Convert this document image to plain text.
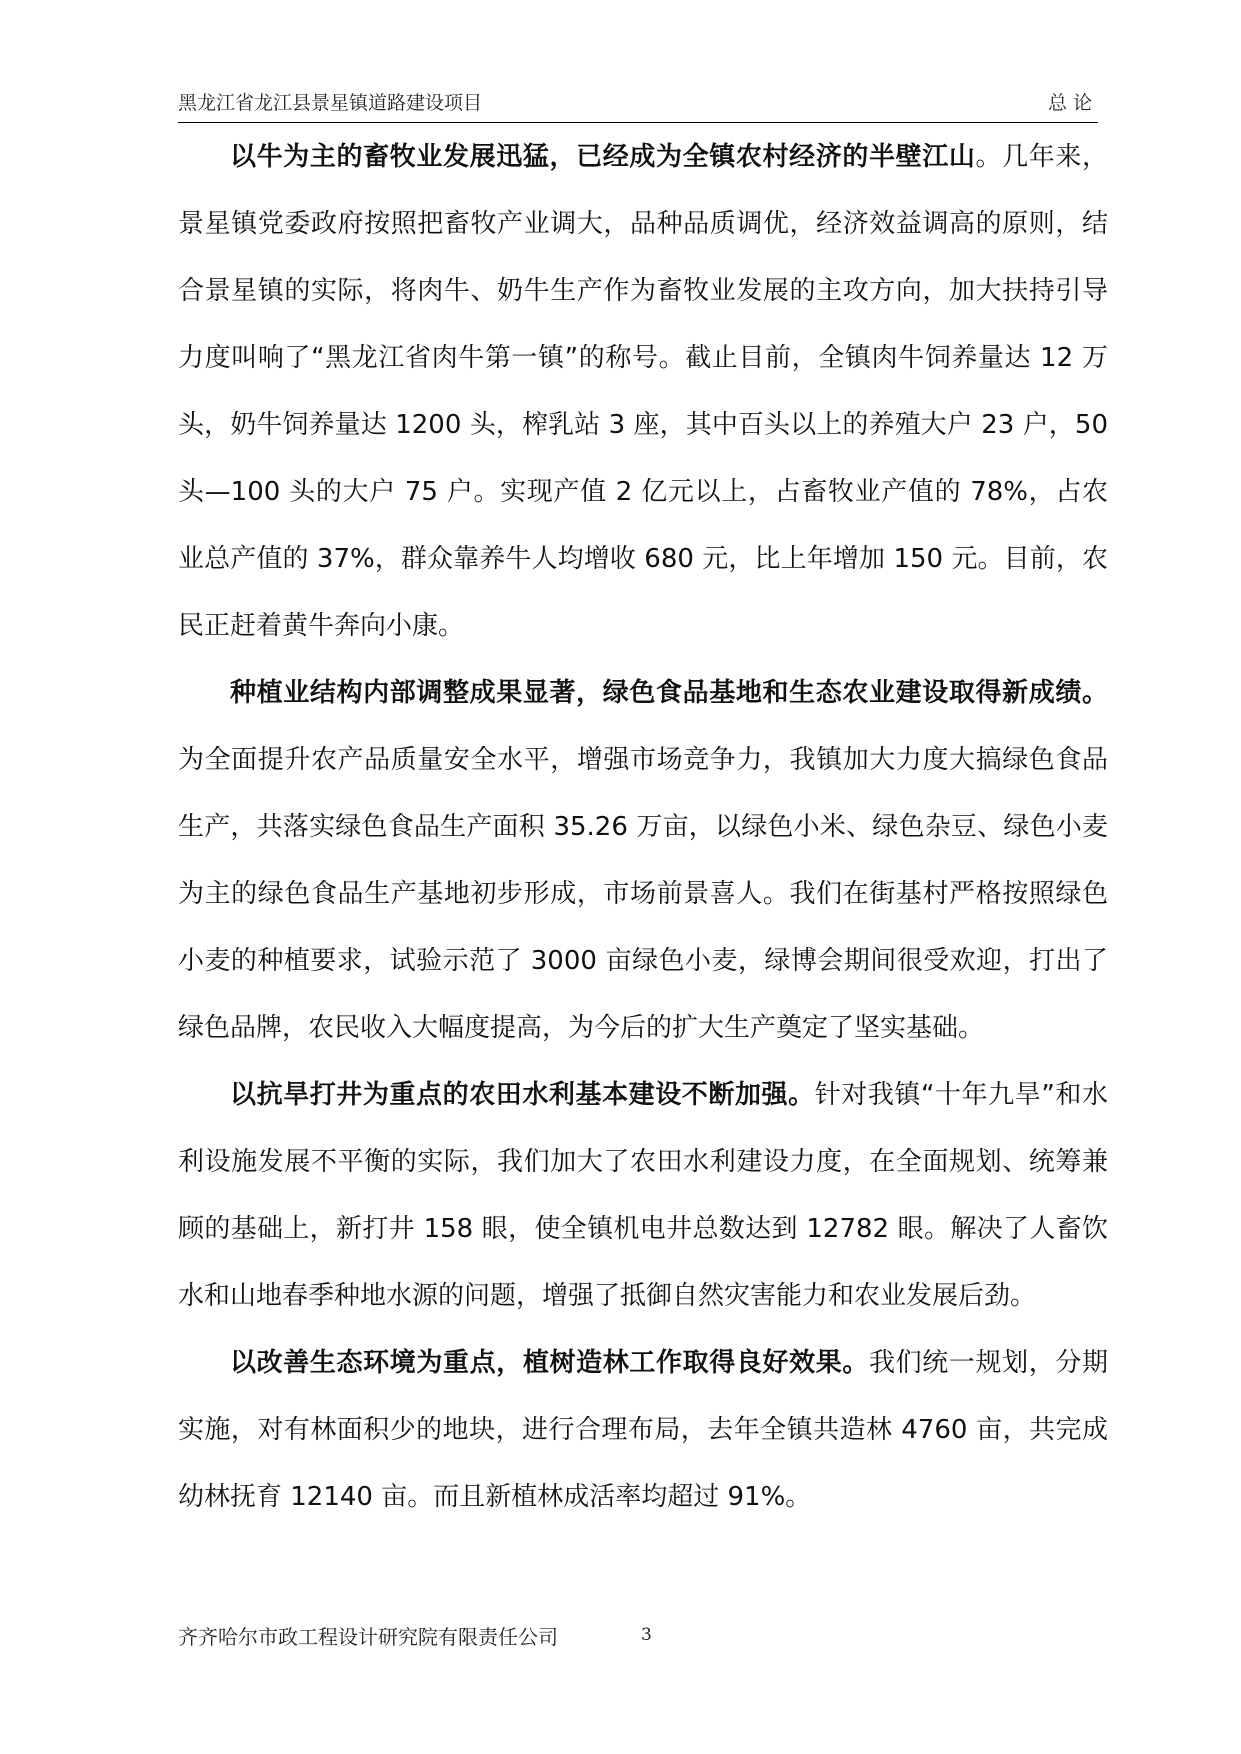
黑龙江省龙江县景星镇道路建设项目	总论

以牛为主的畜牧业发展迅猛，已经成为全镇农村经济的半壁江山。几年来，景星镇党委政府按照把畜牧产业调大，品种品质调优，经济效益调高的原则，结合景星镇的实际，将肉牛、奶牛生产作为畜牧业发展的主攻方向，加大扶持引导力度叫响了“黑龙江省肉牛第一镇”的称号。截止目前，全镇肉牛饲养量达 12 万头，奶牛饲养量达 1200 头，榨乳站 3 座，其中百头以上的养殖大户 23 户，50 头—100 头的大户 75 户。实现产值 2 亿元以上，占畜牧业产值的 78%，占农业总产值的 37%，群众靠养牛人均增收 680 元，比上年增加 150 元。目前，农民正赶着黄牛奔向小康。

种植业结构内部调整成果显著，绿色食品基地和生态农业建设取得新成绩。为全面提升农产品质量安全水平，增强市场竞争力，我镇加大力度大搞绿色食品生产，共落实绿色食品生产面积 35.26 万亩，以绿色小米、绿色杂豆、绿色小麦为主的绿色食品生产基地初步形成，市场前景喜人。我们在街基村严格按照绿色小麦的种植要求，试验示范了 3000 亩绿色小麦，绿博会期间很受欢迎，打出了绿色品牌，农民收入大幅度提高，为今后的扩大生产奠定了坚实基础。

以抗旱打井为重点的农田水利基本建设不断加强。针对我镇“十年九旱”和水利设施发展不平衡的实际，我们加大了农田水利建设力度，在全面规划、统筹兼顾的基础上，新打井 158 眼，使全镇机电井总数达到 12782 眼。解决了人畜饮水和山地春季种地水源的问题，增强了抵御自然灾害能力和农业发展后劲。

以改善生态环境为重点，植树造林工作取得良好效果。我们统一规划，分期实施，对有林面积少的地块，进行合理布局，去年全镇共造林 4760 亩，共完成幼林抚育 12140 亩。而且新植林成活率均超过 91%。

齐齐哈尔市政工程设计研究院有限责任公司	3
